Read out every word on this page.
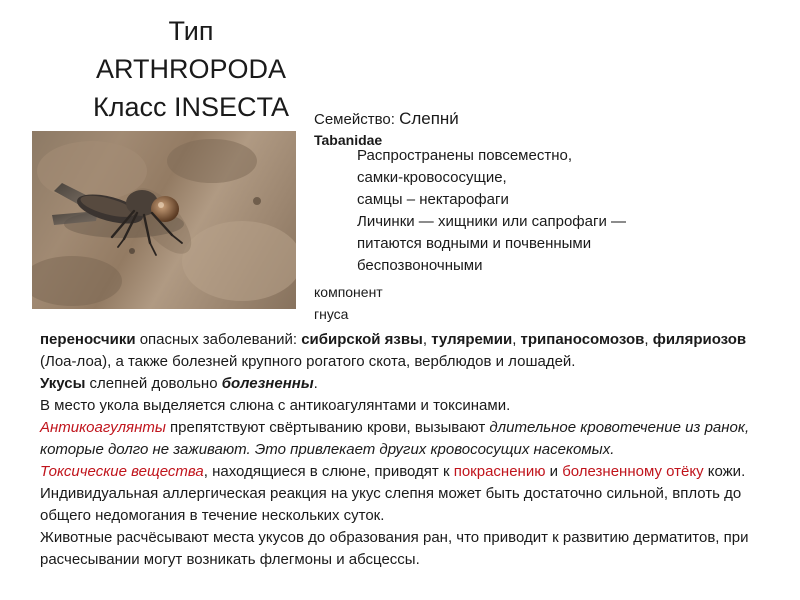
Тип
ARTHROPODA
Класс INSECTA	Семейство: Слепни́
Tabanidae
Распространены повсеместно,
самки-кровососущие,
самцы – нектарофаги
Личинки — хищники или сапрофаги —
питаются водными и почвенными
беспозвоночными
компонент
гнуса

переносчики опасных заболеваний: сибирской язвы, туляремии, трипаносомозов, филяриозов (Лоа-лоа), а также болезней крупного рогатого скота, верблюдов и лошадей.

Укусы слепней довольно болезненны.

В место укола выделяется слюна с антикоагулянтами и токсинами.

Антикоагулянты препятствуют свёртыванию крови, вызывают длительное кровотечение из ранок, которые долго не заживают. Это привлекает других кровососущих насекомых.

Токсические вещества, находящиеся в слюне, приводят к покраснению и болезненному отёку кожи. Индивидуальная аллергическая реакция на укус слепня может быть достаточно сильной, вплоть до общего недомогания в течение нескольких суток.

Животные расчёсывают места укусов до образования ран, что приводит к развитию дерматитов, при расчесывании могут возникать флегмоны и абсцессы.
